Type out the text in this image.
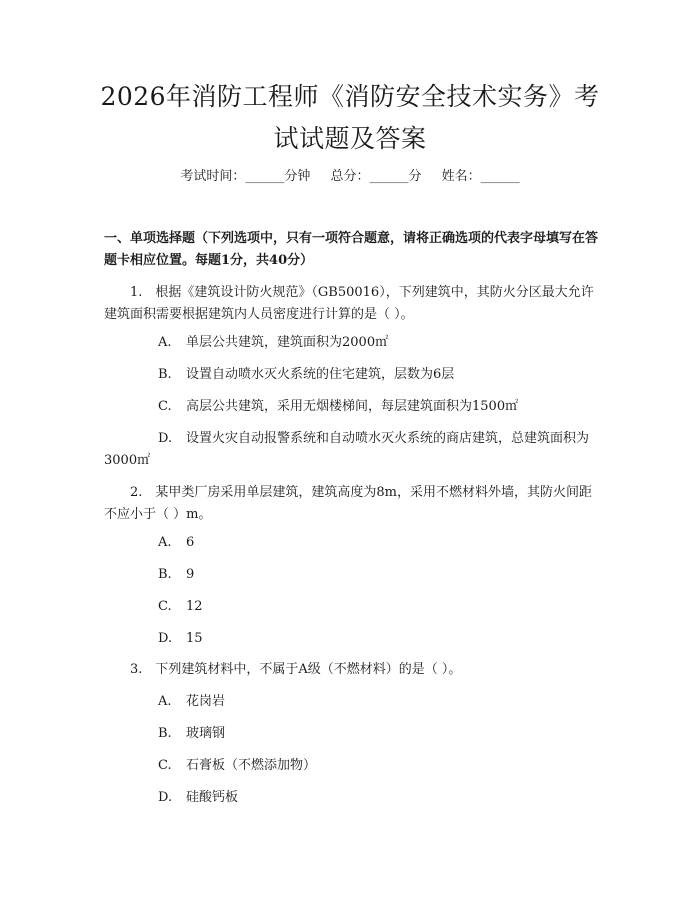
2026年消防工程师《消防安全技术实务》考试试题及答案
考试时间：______分钟 总分：______分 姓名：______
一、单项选择题（下列选项中，只有一项符合题意，请将正确选项的代表字母填写在答题卡相应位置。每题1分，共40分）
1.　根据《建筑设计防火规范》（GB50016），下列建筑中，其防火分区最大允许建筑面积需要根据建筑内人员密度进行计算的是（ ）。
A. 单层公共建筑，建筑面积为2000㎡
B. 设置自动喷水灭火系统的住宅建筑，层数为6层
C. 高层公共建筑，采用无烟楼梯间，每层建筑面积为1500㎡
D. 设置火灾自动报警系统和自动喷水灭火系统的商店建筑，总建筑面积为3000㎡
2.　某甲类厂房采用单层建筑，建筑高度为8m，采用不燃材料外墙，其防火间距不应小于（ ）m。
A. 6
B. 9
C. 12
D. 15
3.　下列建筑材料中，不属于A级（不燃材料）的是（ ）。
A. 花岗岩
B. 玻璃钢
C. 石膏板（不燃添加物）
D. 硅酸钙板
